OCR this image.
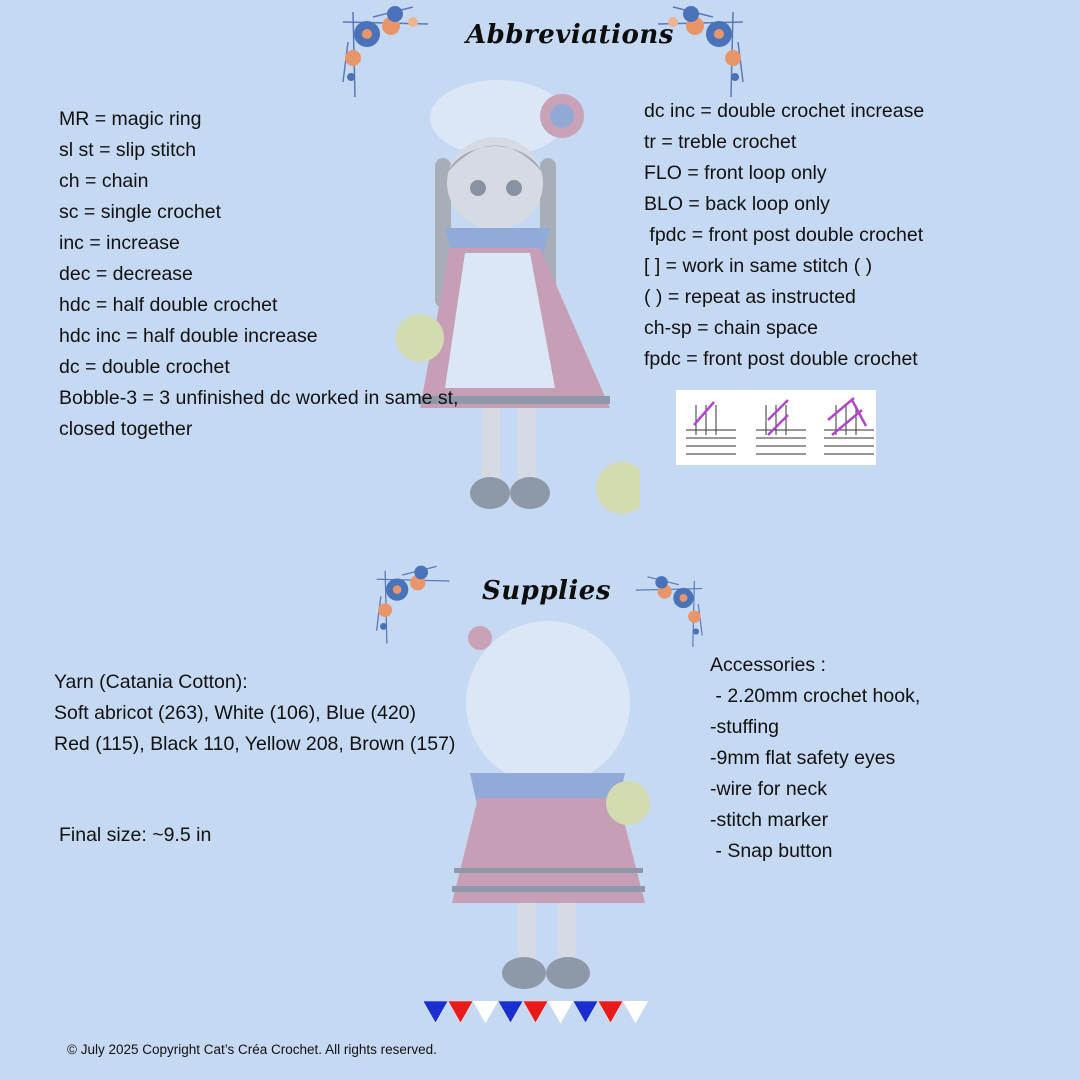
Abbreviations
Supplies
MR = magic ring
sl st = slip stitch
ch = chain
sc = single crochet
inc = increase
dec = decrease
hdc = half double crochet
hdc inc = half double increase
dc = double crochet
Bobble-3 = 3 unfinished dc worked in same st,
closed together
dc inc = double crochet increase
tr = treble crochet
FLO = front loop only
BLO = back loop only
fpdc = front post double crochet
[ ] = work in same stitch ( )
( ) = repeat as instructed
ch-sp = chain space
fpdc = front post double crochet
Yarn (Catania Cotton):
Soft abricot (263), White (106), Blue (420)
Red (115), Black 110, Yellow 208, Brown (157)
Final size: ~9.5 in
Accessories :
- 2.20mm crochet hook,
-stuffing
-9mm flat safety eyes
-wire for neck
-stitch marker
- Snap button
© July 2025 Copyright Cat’s Créa Crochet. All rights reserved.
